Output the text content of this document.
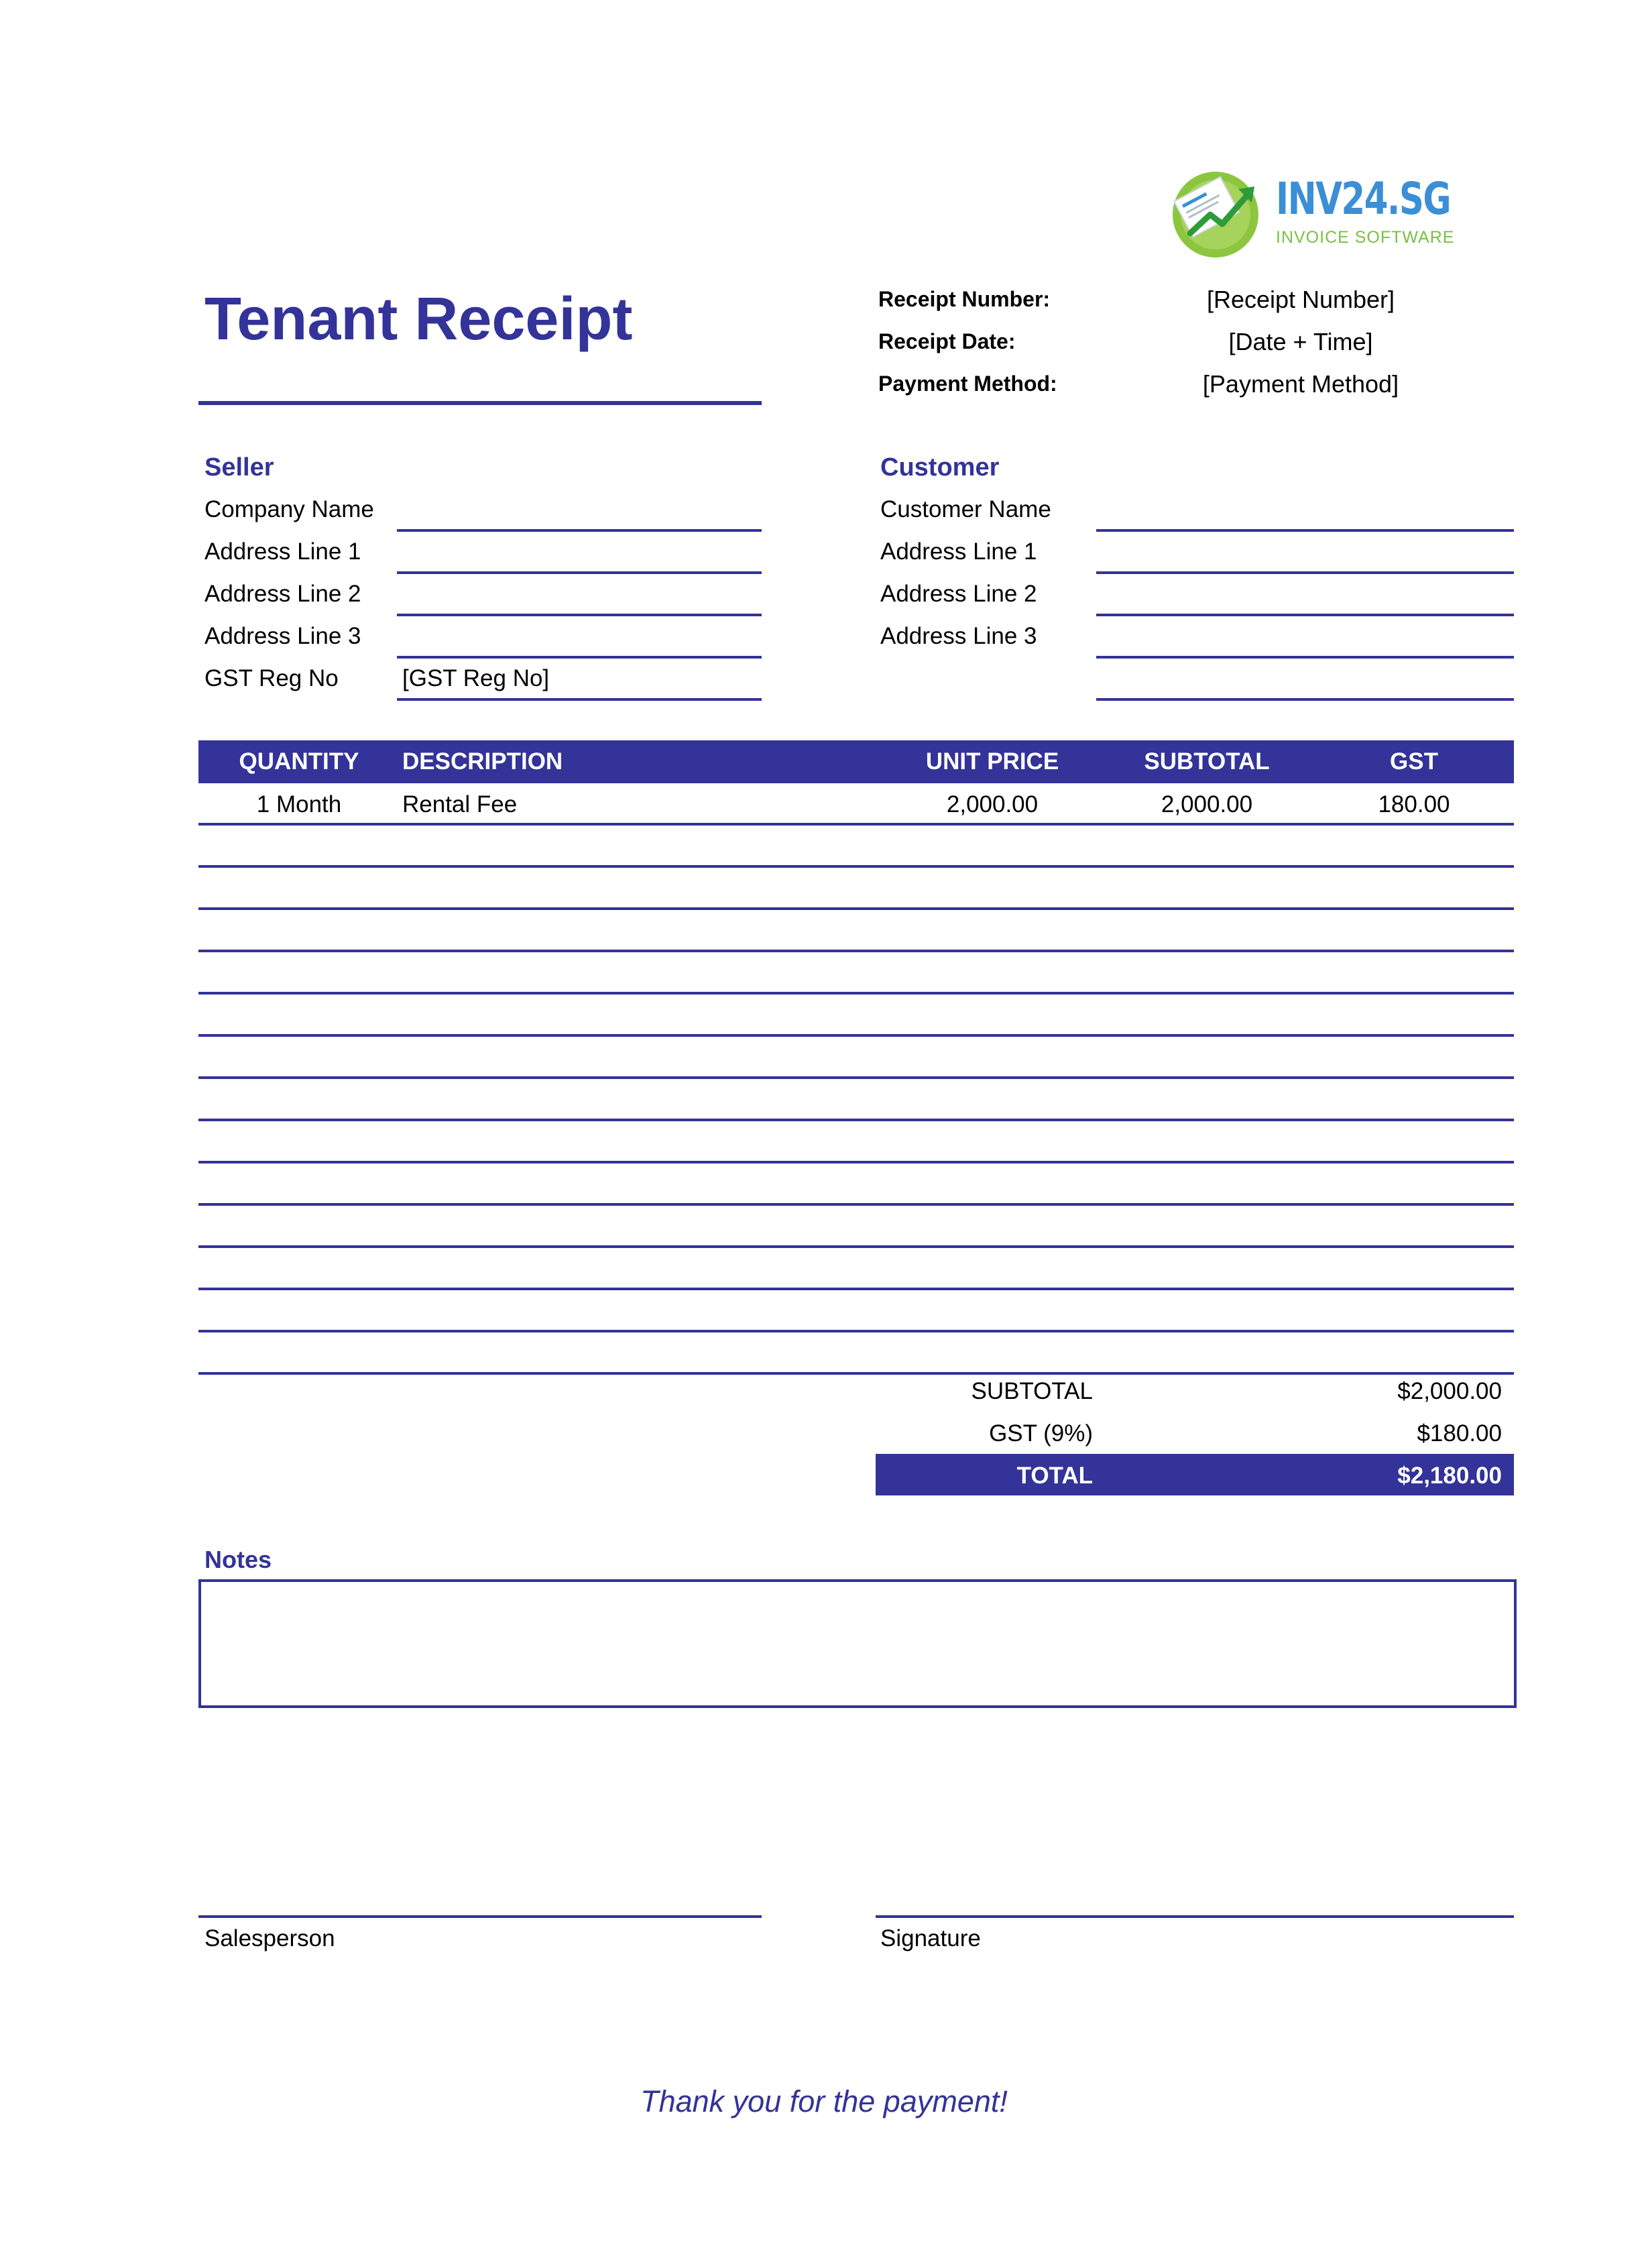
INV24.SG
INVOICE SOFTWARE
Tenant Receipt	Receipt Number:	[Receipt Number]
Receipt Date:	[Date + Time]
Payment Method:	[Payment Method]
Seller
Company Name
Address Line 1
Address Line 2
Address Line 3
GST Reg No	[GST Reg No]
Customer
Customer Name
Address Line 1
Address Line 2
Address Line 3
QUANTITY	DESCRIPTION	UNIT PRICE	SUBTOTAL	GST
1 Month	Rental Fee	2,000.00	2,000.00	180.00
SUBTOTAL	$2,000.00
GST (9%)	$180.00
TOTAL	$2,180.00
Notes
Salesperson	Signature
Thank you for the payment!
